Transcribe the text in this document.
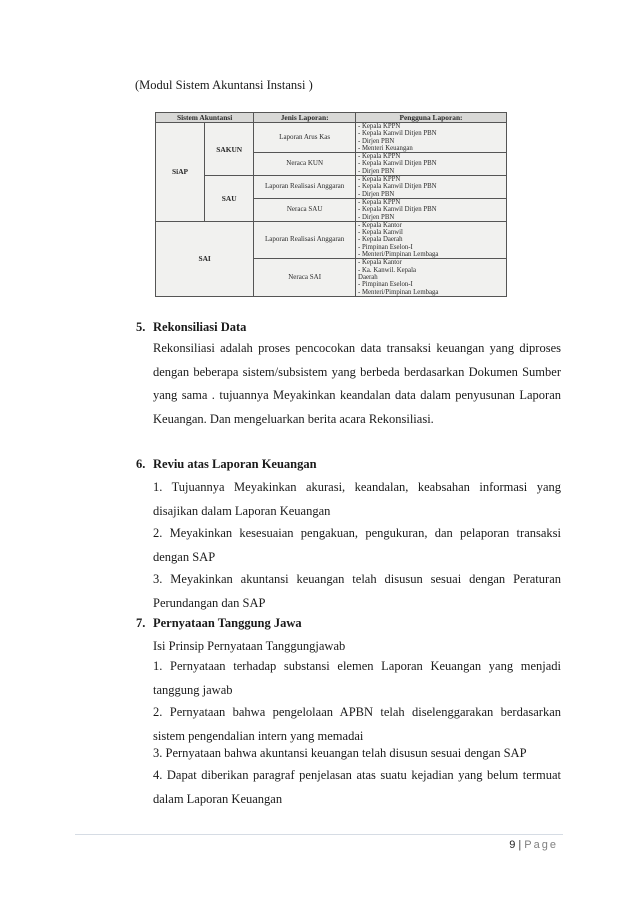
(Modul Sistem Akuntansi Instansi )
Sistem Akuntansi		Jenis Laporan:	Pengguna Laporan:
SiAP	SAKUN	Laporan Arus Kas	- Kepala KPPN
- Kepala Kanwil Ditjen PBN
- Dirjen PBN
- Menteri Keuangan

		Neraca KUN	- Kepala KPPN
- Kepala Kanwil Ditjen PBN
- Dirjen PBN

	SAU	Laporan Realisasi Anggaran	- Kepala KPPN
- Kepala Kanwil Ditjen PBN
- Dirjen PBN

		Neraca SAU	- Kepala KPPN
- Kepala Kanwil Ditjen PBN
- Dirjen PBN

SAI		Laporan Realisasi Anggaran	- Kepala Kantor
- Kepala Kanwil
- Kepala Daerah
- Pimpinan Eselon-I
- Menteri/Pimpinan Lembaga

		Neraca SAI	- Kepala Kantor
- Ka. Kanwil. Kepala
Daerah
- Pimpinan Eselon-I
- Menteri/Pimpinan Lembaga
5. Rekonsiliasi Data
Rekonsiliasi adalah proses pencocokan data transaksi keuangan yang diproses dengan beberapa sistem/subsistem yang berbeda berdasarkan Dokumen Sumber yang sama . tujuannya Meyakinkan keandalan data dalam penyusunan Laporan Keuangan. Dan mengeluarkan berita acara Rekonsiliasi.
6. Reviu atas Laporan Keuangan
1. Tujuannya Meyakinkan akurasi, keandalan, keabsahan informasi yang disajikan dalam Laporan Keuangan
2. Meyakinkan kesesuaian pengakuan, pengukuran, dan pelaporan transaksi dengan SAP
3. Meyakinkan akuntansi keuangan telah disusun sesuai dengan Peraturan Perundangan dan SAP
7. Pernyataan Tanggung Jawa
Isi Prinsip Pernyataan Tanggungjawab
1. Pernyataan terhadap substansi elemen Laporan Keuangan yang menjadi tanggung jawab
2. Pernyataan bahwa pengelolaan APBN telah diselenggarakan berdasarkan sistem pengendalian intern yang memadai
3. Pernyataan bahwa akuntansi keuangan telah disusun sesuai dengan SAP
4. Dapat diberikan paragraf penjelasan atas suatu kejadian yang belum termuat dalam Laporan Keuangan
9 | Page
